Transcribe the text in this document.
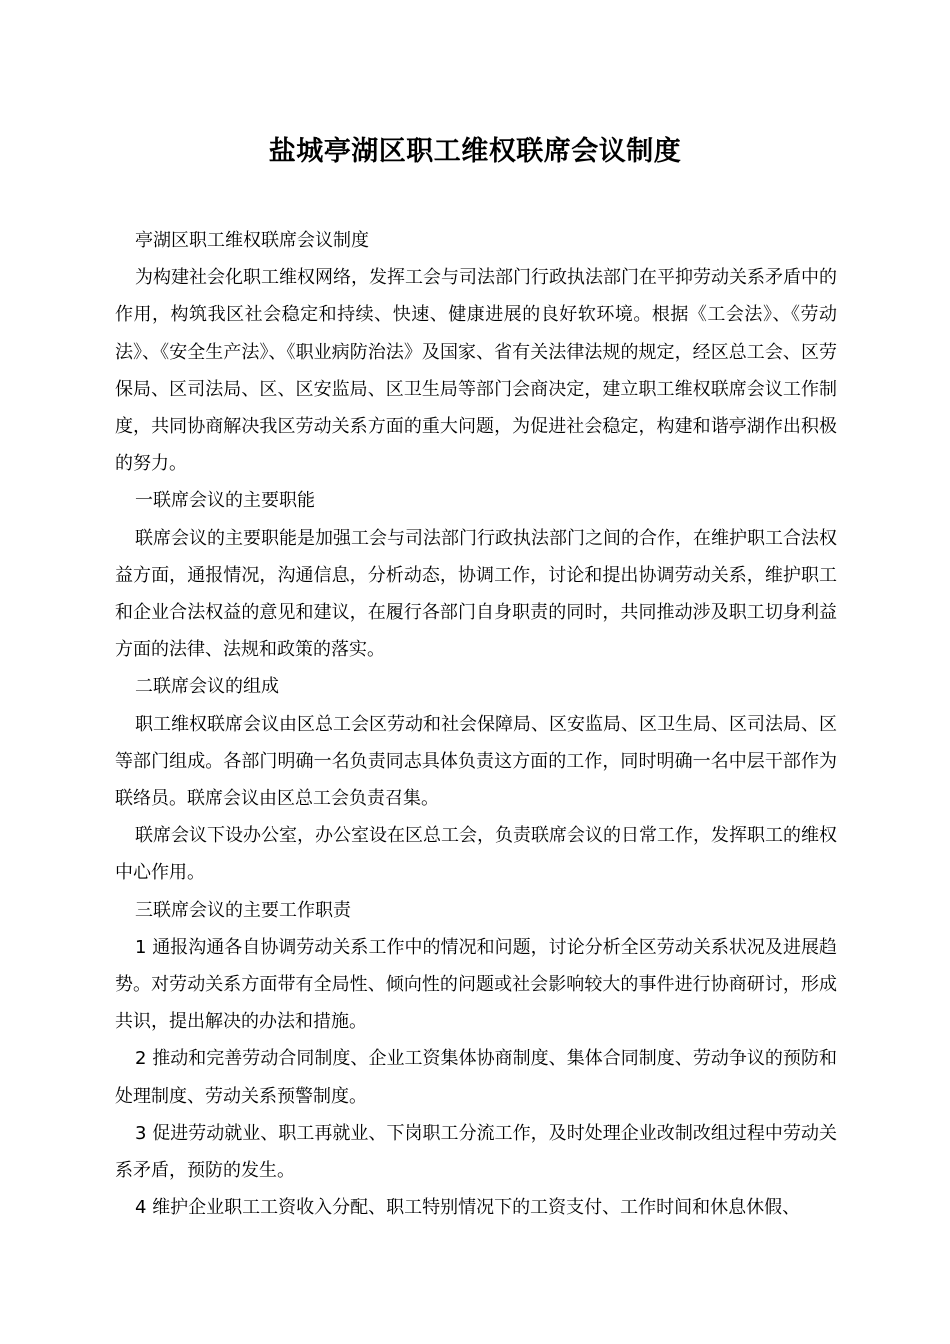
盐城亭湖区职工维权联席会议制度

亭湖区职工维权联席会议制度

为构建社会化职工维权网络，发挥工会与司法部门行政执法部门在平抑劳动关系矛盾中的作用，构筑我区社会稳定和持续、快速、健康进展的良好软环境。根据《工会法》、《劳动法》、《安全生产法》、《职业病防治法》及国家、省有关法律法规的规定，经区总工会、区劳保局、区司法局、区、区安监局、区卫生局等部门会商决定，建立职工维权联席会议工作制度，共同协商解决我区劳动关系方面的重大问题，为促进社会稳定，构建和谐亭湖作出积极的努力。

一联席会议的主要职能

联席会议的主要职能是加强工会与司法部门行政执法部门之间的合作，在维护职工合法权益方面，通报情况，沟通信息，分析动态，协调工作，讨论和提出协调劳动关系，维护职工和企业合法权益的意见和建议，在履行各部门自身职责的同时，共同推动涉及职工切身利益方面的法律、法规和政策的落实。

二联席会议的组成

职工维权联席会议由区总工会区劳动和社会保障局、区安监局、区卫生局、区司法局、区等部门组成。各部门明确一名负责同志具体负责这方面的工作，同时明确一名中层干部作为联络员。联席会议由区总工会负责召集。

联席会议下设办公室，办公室设在区总工会，负责联席会议的日常工作，发挥职工的维权中心作用。

三联席会议的主要工作职责

1 通报沟通各自协调劳动关系工作中的情况和问题，讨论分析全区劳动关系状况及进展趋势。对劳动关系方面带有全局性、倾向性的问题或社会影响较大的事件进行协商研讨，形成共识，提出解决的办法和措施。

2 推动和完善劳动合同制度、企业工资集体协商制度、集体合同制度、劳动争议的预防和处理制度、劳动关系预警制度。

3 促进劳动就业、职工再就业、下岗职工分流工作，及时处理企业改制改组过程中劳动关系矛盾，预防的发生。

4 维护企业职工工资收入分配、职工特别情况下的工资支付、工作时间和休息休假、
